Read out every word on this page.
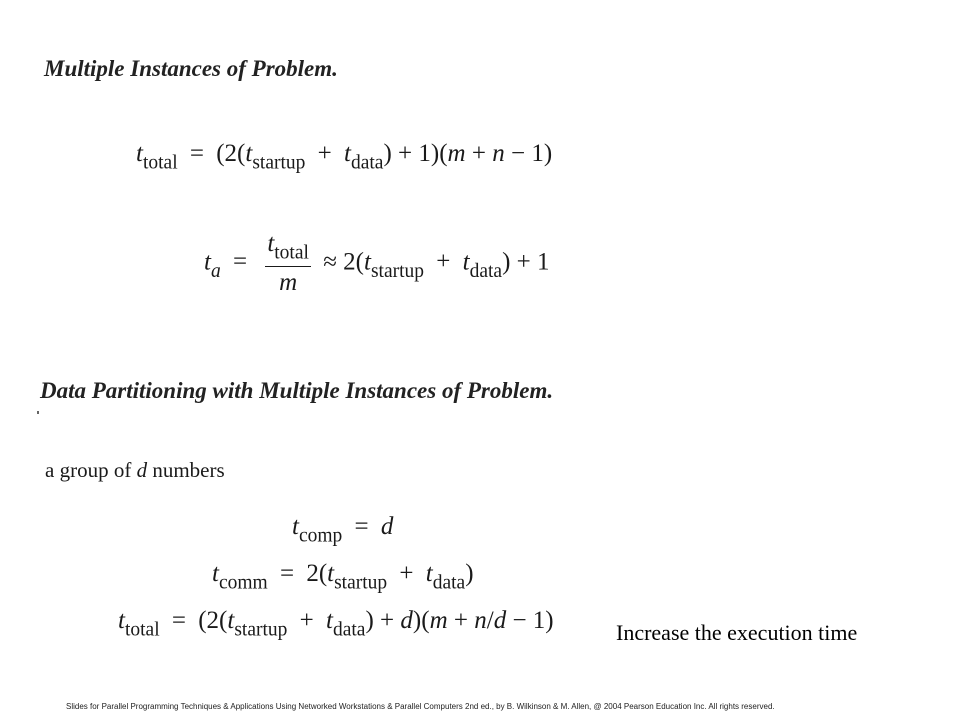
Multiple Instances of Problem.
$t_{total} = (2(t_{startup} + t_{data}) + 1)(m + n - 1)$
$t_a = \frac{t_{total}}{m} \approx 2(t_{startup} + t_{data}) + 1$
Data Partitioning with Multiple Instances of Problem.
a group of d numbers
$t_{comp} = d$
$t_{comm} = 2(t_{startup} + t_{data})$
$t_{total} = (2(t_{startup} + t_{data}) + d)(m + n/d - 1)$	Increase the execution time
Slides for Parallel Programming Techniques & Applications Using Networked Workstations & Parallel Computers 2nd ed., by B. Wilkinson & M. Allen, @ 2004 Pearson Education Inc. All rights reserved.
